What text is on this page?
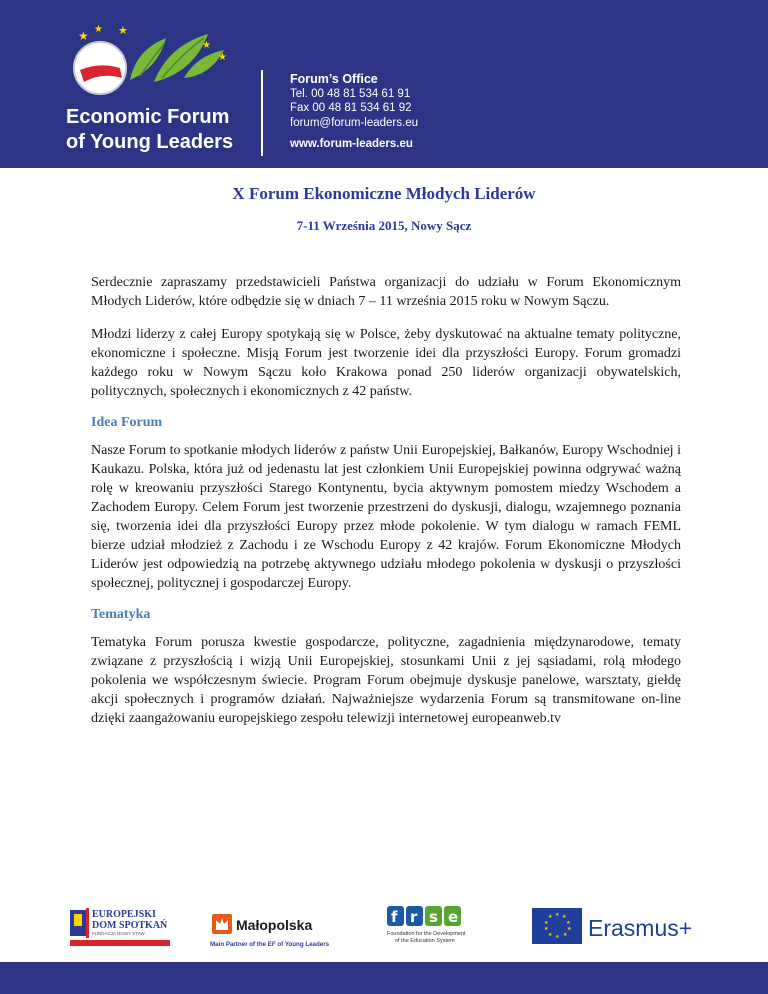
★ ★ ★
★
★
Economic Forum
of Young Leaders
Forum’s Office
Tel. 00 48 81 534 61 91
Fax 00 48 81 534 61 92
forum@forum-leaders.eu
www.forum-leaders.eu
X Forum Ekonomiczne Młodych Liderów
7-11 Września 2015, Nowy Sącz

Serdecznie zapraszamy przedstawicieli Państwa organizacji do udziału w Forum Ekonomicznym Młodych Liderów, które odbędzie się w dniach 7 – 11 września 2015 roku w Nowym Sączu.

Młodzi liderzy z całej Europy spotykają się w Polsce, żeby dyskutować na aktualne tematy polityczne, ekonomiczne i społeczne. Misją Forum jest tworzenie idei dla przyszłości Europy. Forum gromadzi każdego roku w Nowym Sączu koło Krakowa ponad 250 liderów organizacji obywatelskich, politycznych, społecznych i ekonomicznych z 42 państw.

Idea Forum

Nasze Forum to spotkanie młodych liderów z państw Unii Europejskiej, Bałkanów, Europy Wschodniej i Kaukazu. Polska, która już od jedenastu lat jest członkiem Unii Europejskiej powinna odgrywać ważną rolę w kreowaniu przyszłości Starego Kontynentu, bycia aktywnym pomostem miedzy Wschodem a Zachodem Europy. Celem Forum jest tworzenie przestrzeni do dyskusji, dialogu, wzajemnego poznania się, tworzenia idei dla przyszłości Europy przez młode pokolenie. W tym dialogu w ramach FEML bierze udział młodzież z Zachodu i ze Wschodu Europy z 42 krajów. Forum Ekonomiczne Młodych Liderów jest odpowiedzią na potrzebę aktywnego udziału młodego pokolenia w dyskusji o przyszłości społecznej, politycznej i gospodarczej Europy.

Tematyka

Tematyka Forum porusza kwestie gospodarcze, polityczne, zagadnienia międzynarodowe, tematy związane z przyszłością i wizją Unii Europejskiej, stosunkami Unii z jej sąsiadami, rolą młodego pokolenia we współczesnym świecie. Program Forum obejmuje dyskusje panelowe, warsztaty, giełdę akcji społecznych i programów działań. Najważniejsze wydarzenia Forum są transmitowane on-line dzięki zaangażowaniu europejskiego zespołu telewizji internetowej europeanweb.tv

EUROPEJSKI
DOM SPOTKAŃ
FUNDACJA NOWY STAW
Małopolska
Main Partner of the EF of Young Leaders
f r s e
Foundation for the Development
of the Education System
★ ★
★
★
★
★
★
★
★
★ Erasmus+
